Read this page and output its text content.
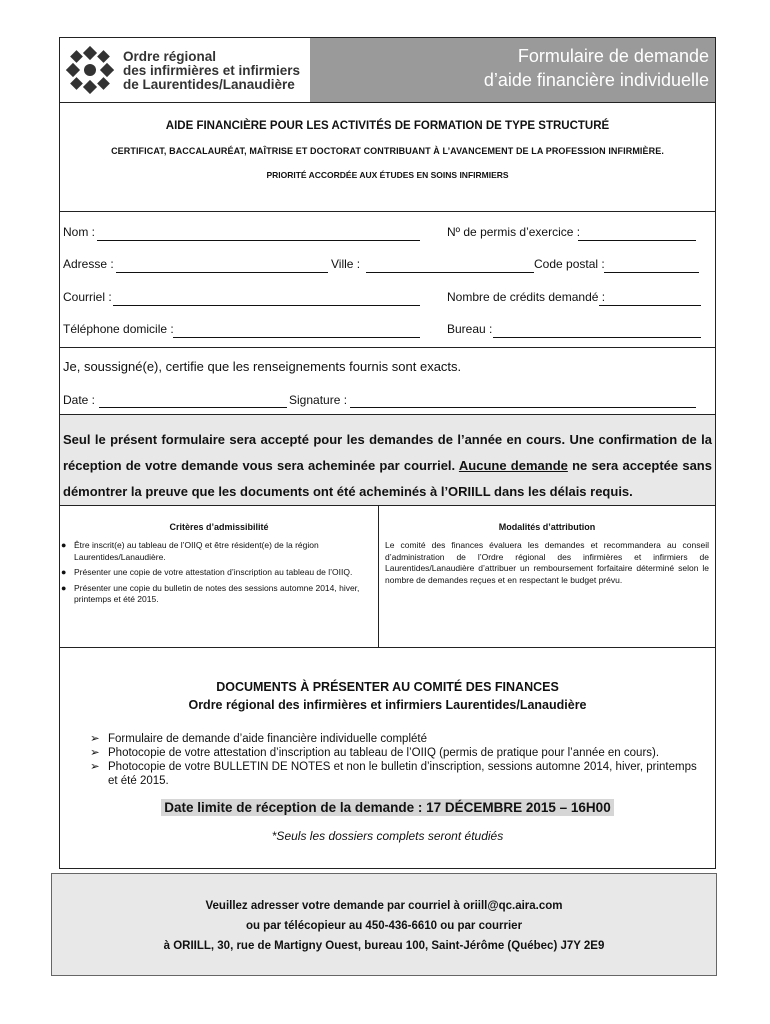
Ordre régional
des infirmières et infirmiers
de Laurentides/Lanaudière
Formulaire de demande
d’aide financière individuelle
AIDE FINANCIÈRE POUR LES ACTIVITÉS DE FORMATION DE TYPE STRUCTURÉ
CERTIFICAT, BACCALAURÉAT, MAÎTRISE ET DOCTORAT CONTRIBUANT À L’AVANCEMENT DE LA PROFESSION INFIRMIÈRE.
PRIORITÉ ACCORDÉE AUX ÉTUDES EN SOINS INFIRMIERS
Nom :	Nº de permis d’exercice :
Adresse :	Ville :	Code postal :
Courriel :	Nombre de crédits demandé :
Téléphone domicile :	Bureau :
Je, soussigné(e), certifie que les renseignements fournis sont exacts.
Date :	Signature :

Seul le présent formulaire sera accepté pour les demandes de l’année en cours. Une confirmation de la réception de votre demande vous sera acheminée par courriel. Aucune demande ne sera acceptée sans démontrer la preuve que les documents ont été acheminés à l’ORIILL dans les délais requis.

Critères d’admissibilité
● Être inscrit(e) au tableau de l’OIIQ et être résident(e) de la région Laurentides/Lanaudière.
● Présenter une copie de votre attestation d’inscription au tableau de l’OIIQ.
● Présenter une copie du bulletin de notes des sessions automne 2014, hiver, printemps et été 2015.
Modalités d’attribution

Le comité des finances évaluera les demandes et recommandera au conseil d’administration de l’Ordre régional des infirmières et infirmiers de Laurentides/Lanaudière d’attribuer un remboursement forfaitaire déterminé selon le nombre de demandes reçues et en respectant le budget prévu.

DOCUMENTS À PRÉSENTER AU COMITÉ DES FINANCES
Ordre régional des infirmières et infirmiers Laurentides/Lanaudière
➢ Formulaire de demande d’aide financière individuelle complété
➢ Photocopie de votre attestation d’inscription au tableau de l’OIIQ (permis de pratique pour l’année en cours).
➢ Photocopie de votre BULLETIN DE NOTES et non le bulletin d’inscription, sessions automne 2014, hiver, printemps et été 2015.
Date limite de réception de la demande : 17 DÉCEMBRE 2015 – 16H00
*Seuls les dossiers complets seront étudiés
Veuillez adresser votre demande par courriel à oriill@qc.aira.com
ou par télécopieur au 450-436-6610 ou par courrier
à ORIILL, 30, rue de Martigny Ouest, bureau 100, Saint-Jérôme (Québec) J7Y 2E9
